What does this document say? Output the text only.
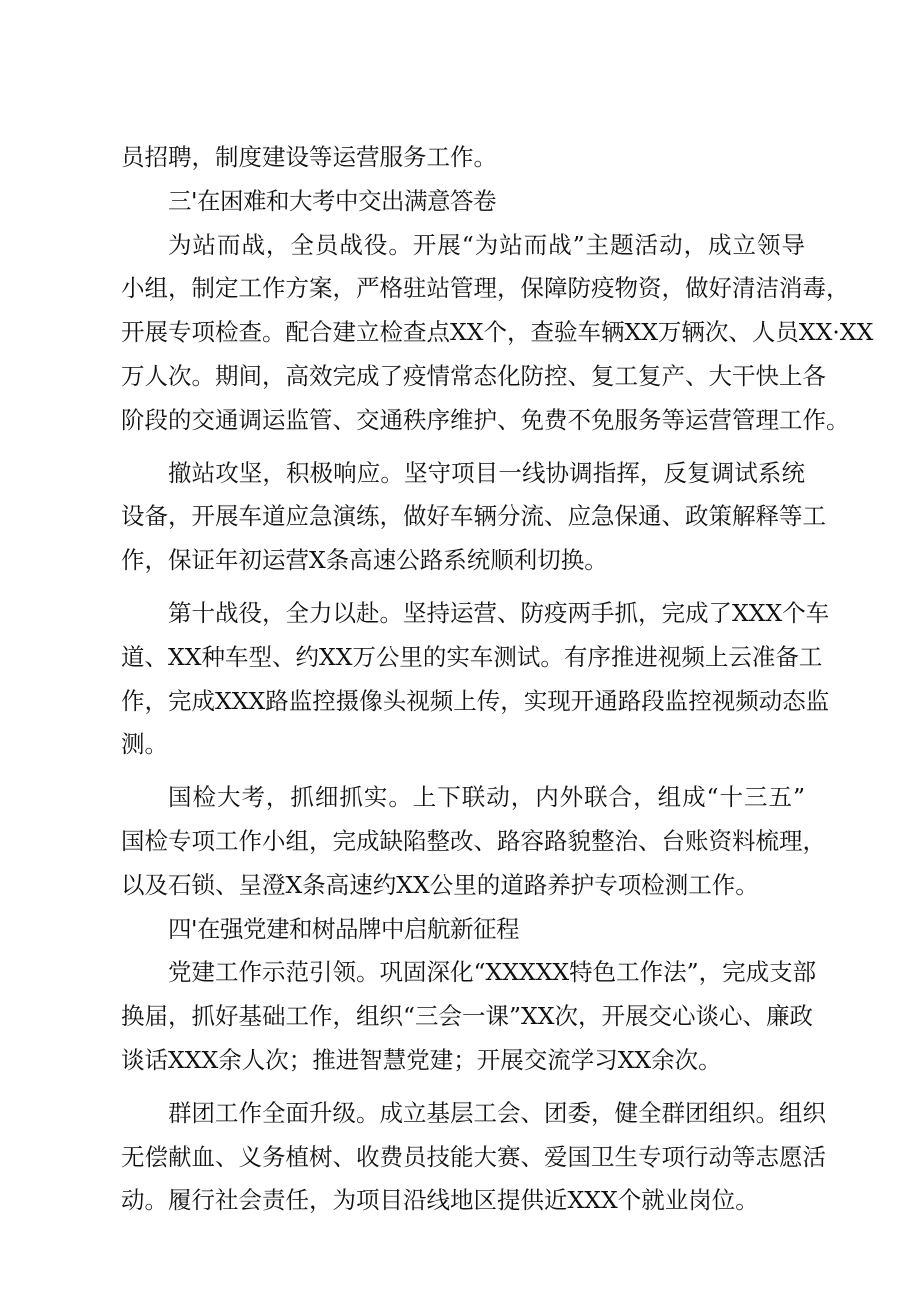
员招聘，制度建设等运营服务工作。
三'在困难和大考中交出满意答卷
为站而战，全员战役。开展“为站而战”主题活动，成立领导
小组，制定工作方案，严格驻站管理，保障防疫物资，做好清洁消毒，
开展专项检查。配合建立检查点XX个，查验车辆XX万辆次、人员XX·XX
万人次。期间，高效完成了疫情常态化防控、复工复产、大干快上各
阶段的交通调运监管、交通秩序维护、免费不免服务等运营管理工作。
撤站攻坚，积极响应。坚守项目一线协调指挥，反复调试系统
设备，开展车道应急演练，做好车辆分流、应急保通、政策解释等工
作，保证年初运营X条高速公路系统顺利切换。
第十战役，全力以赴。坚持运营、防疫两手抓，完成了XXX个车
道、XX种车型、约XX万公里的实车测试。有序推进视频上云准备工
作，完成XXX路监控摄像头视频上传，实现开通路段监控视频动态监
测。
国检大考，抓细抓实。上下联动，内外联合，组成“十三五”
国检专项工作小组，完成缺陷整改、路容路貌整治、台账资料梳理，
以及石锁、呈澄X条高速约XX公里的道路养护专项检测工作。
四'在强党建和树品牌中启航新征程
党建工作示范引领。巩固深化“XXXXX特色工作法”，完成支部
换届，抓好基础工作，组织“三会一课”XX次，开展交心谈心、廉政
谈话XXX余人次；推进智慧党建；开展交流学习XX余次。
群团工作全面升级。成立基层工会、团委，健全群团组织。组织
无偿献血、义务植树、收费员技能大赛、爱国卫生专项行动等志愿活
动。履行社会责任，为项目沿线地区提供近XXX个就业岗位。
